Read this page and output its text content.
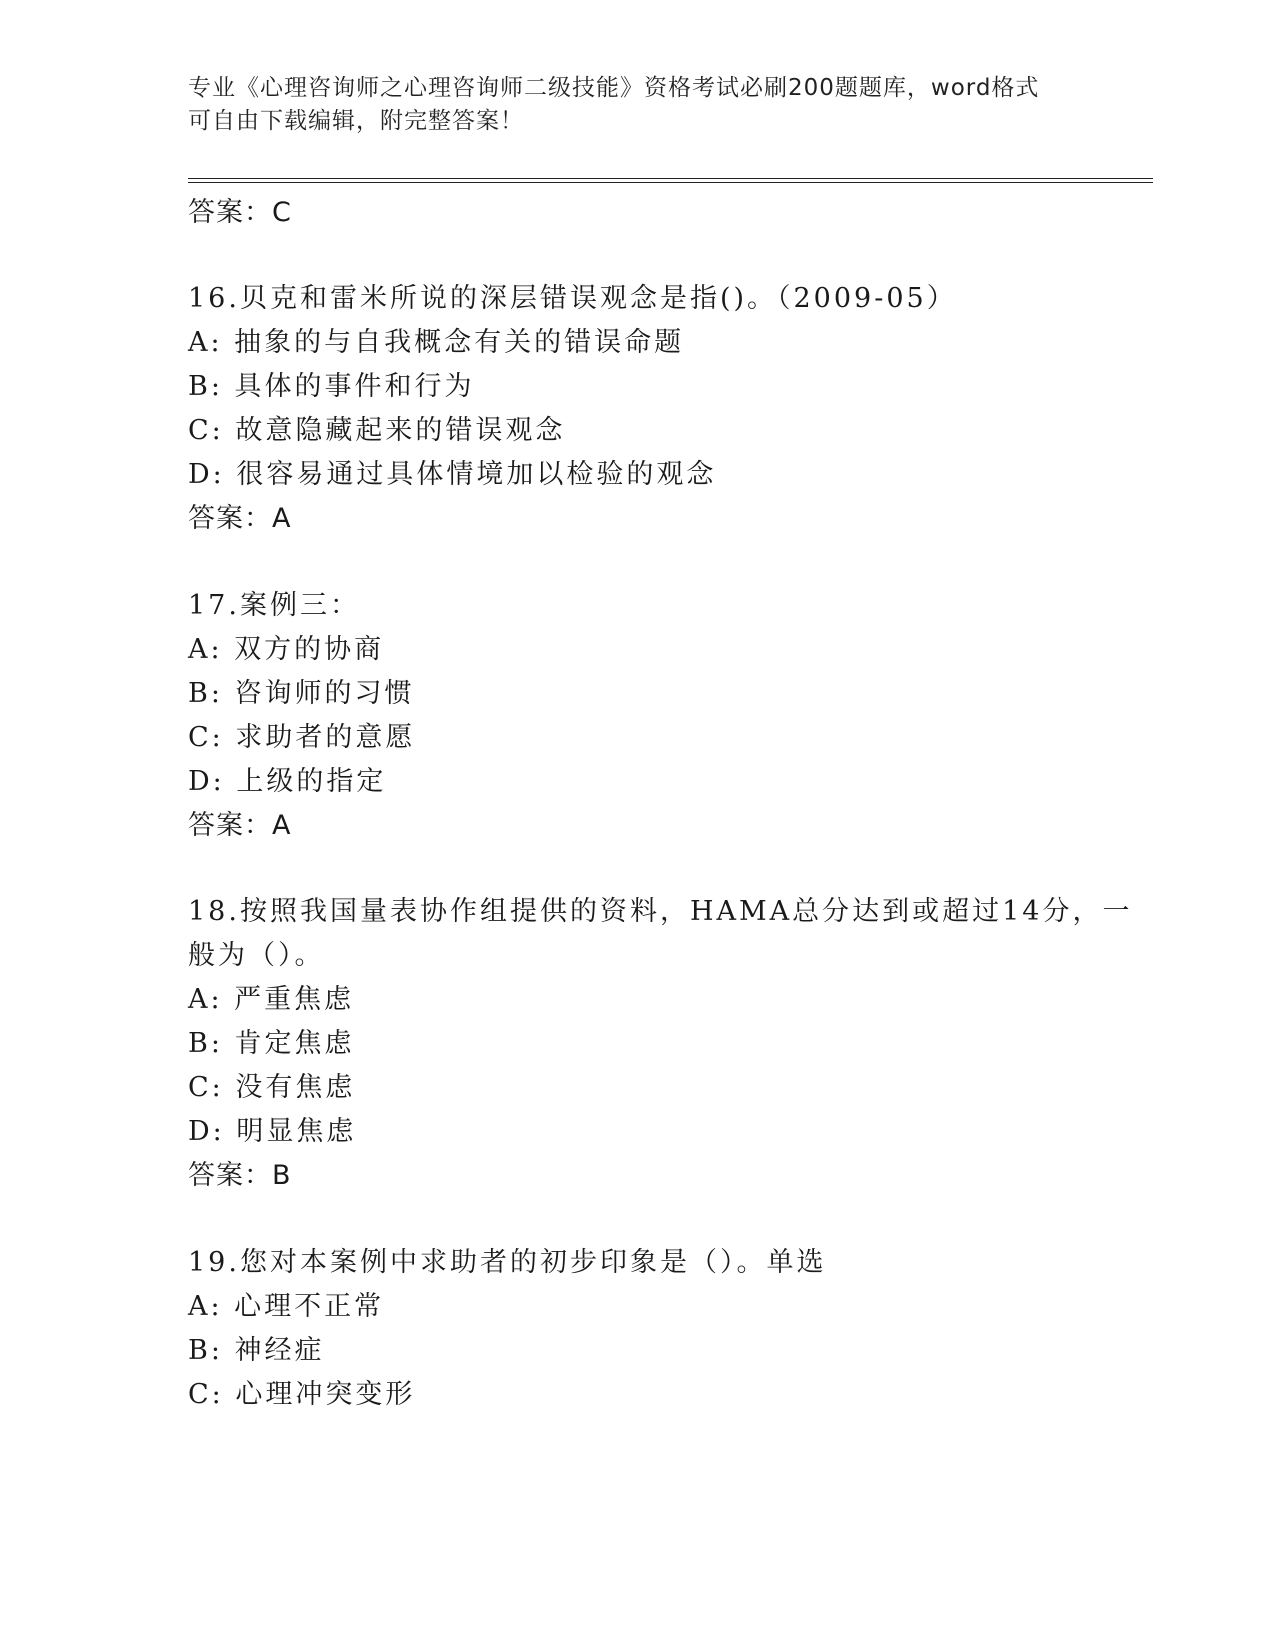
专业《心理咨询师之心理咨询师二级技能》资格考试必刷200题题库，word格式
可自由下载编辑，附完整答案！
答案：C
16.贝克和雷米所说的深层错误观念是指()。（2009-05）
A: 抽象的与自我概念有关的错误命题
B: 具体的事件和行为
C: 故意隐藏起来的错误观念
D: 很容易通过具体情境加以检验的观念
答案：A
17.案例三：
A: 双方的协商
B: 咨询师的习惯
C: 求助者的意愿
D: 上级的指定
答案：A
18.按照我国量表协作组提供的资料，HAMA总分达到或超过14分，一
般为（）。
A: 严重焦虑
B: 肯定焦虑
C: 没有焦虑
D: 明显焦虑
答案：B
19.您对本案例中求助者的初步印象是（）。单选
A: 心理不正常
B: 神经症
C: 心理冲突变形
